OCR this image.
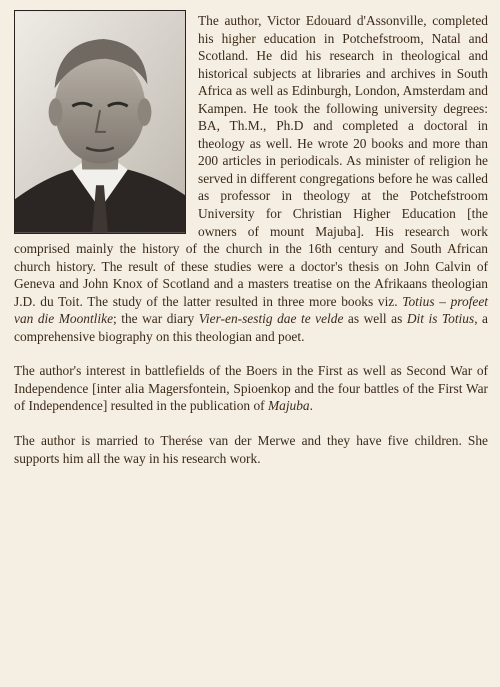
The author, Victor Edouard d'Assonville, completed his higher education in Potchefstroom, Natal and Scotland. He did his research in theological and historical subjects at libraries and archives in South Africa as well as Edinburgh, London, Amsterdam and Kampen. He took the following university degrees: BA, Th.M., Ph.D and completed a doctoral in theology as well. He wrote 20 books and more than 200 articles in periodicals. As minister of religion he served in different congregations before he was called as professor in theology at the Potchefstroom University for Christian Higher Education [the owners of mount Majuba]. His research work comprised mainly the history of the church in the 16th century and South African church history. The result of these studies were a doctor's thesis on John Calvin of Geneva and John Knox of Scotland and a masters treatise on the Afrikaans theologian J.D. du Toit. The study of the latter resulted in three more books viz. Totius – profeet van die Moontlike; the war diary Vier-en-sestig dae te velde as well as Dit is Totius, a comprehensive biography on this theologian and poet.

The author's interest in battlefields of the Boers in the First as well as Second War of Independence [inter alia Magersfontein, Spioenkop and the four battles of the First War of Independence] resulted in the publication of Majuba.

The author is married to Therése van der Merwe and they have five children. She supports him all the way in his research work.
